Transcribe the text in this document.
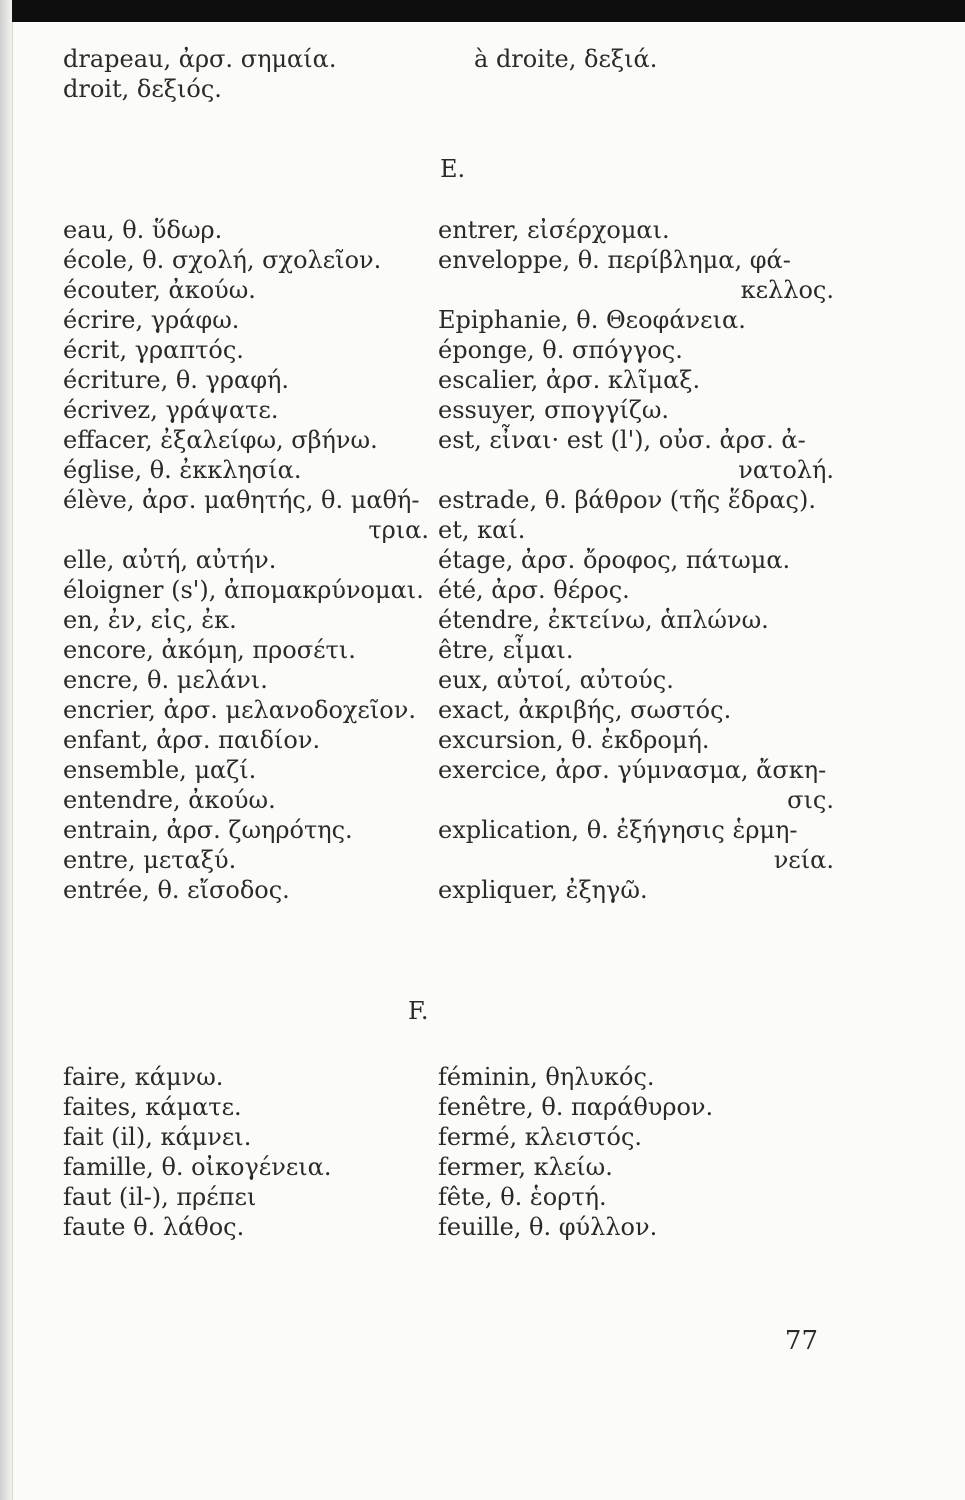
drapeau, ἀρσ. σημαία.
droit, δεξιός.
à droite, δεξιά.
E.
eau, θ. ὕδωρ.
école, θ. σχολή, σχολεῖον.
écouter, ἀκούω.
écrire, γράφω.
écrit, γραπτός.
écriture, θ. γραφή.
écrivez, γράψατε.
effacer, ἐξαλείφω, σβήνω.
église, θ. ἐκκλησία.
élève, ἀρσ. μαθητής, θ. μαθή-
τρια.
elle, αὐτή, αὐτήν.
éloigner (s'), ἀπομακρύνομαι.
en, ἐν, εἰς, ἐκ.
encore, ἀκόμη, προσέτι.
encre, θ. μελάνι.
encrier, ἀρσ. μελανοδοχεῖον.
enfant, ἀρσ. παιδίον.
ensemble, μαζί.
entendre, ἀκούω.
entrain, ἀρσ. ζωηρότης.
entre, μεταξύ.
entrée, θ. εἴσοδος.
entrer, εἰσέρχομαι.
enveloppe, θ. περίβλημα, φά-
κελλος.
Epiphanie, θ. Θεοφάνεια.
éponge, θ. σπόγγος.
escalier, ἀρσ. κλῖμαξ.
essuyer, σπογγίζω.
est, εἶναι· est (l'), οὐσ. ἀρσ. ἀ-
νατολή.
estrade, θ. βάθρον (τῆς ἕδρας).
et, καί.
étage, ἀρσ. ὄροφος, πάτωμα.
été, ἀρσ. θέρος.
étendre, ἐκτείνω, ἁπλώνω.
être, εἶμαι.
eux, αὐτοί, αὐτούς.
exact, ἀκριβής, σωστός.
excursion, θ. ἐκδρομή.
exercice, ἀρσ. γύμνασμα, ἄσκη-
σις.
explication, θ. ἐξήγησις ἑρμη-
νεία.
expliquer, ἐξηγῶ.
F.
faire, κάμνω.
faites, κάματε.
fait (il), κάμνει.
famille, θ. οἰκογένεια.
faut (il-), πρέπει
faute θ. λάθος.
féminin, θηλυκός.
fenêtre, θ. παράθυρον.
fermé, κλειστός.
fermer, κλείω.
fête, θ. ἑορτή.
feuille, θ. φύλλον.
77
